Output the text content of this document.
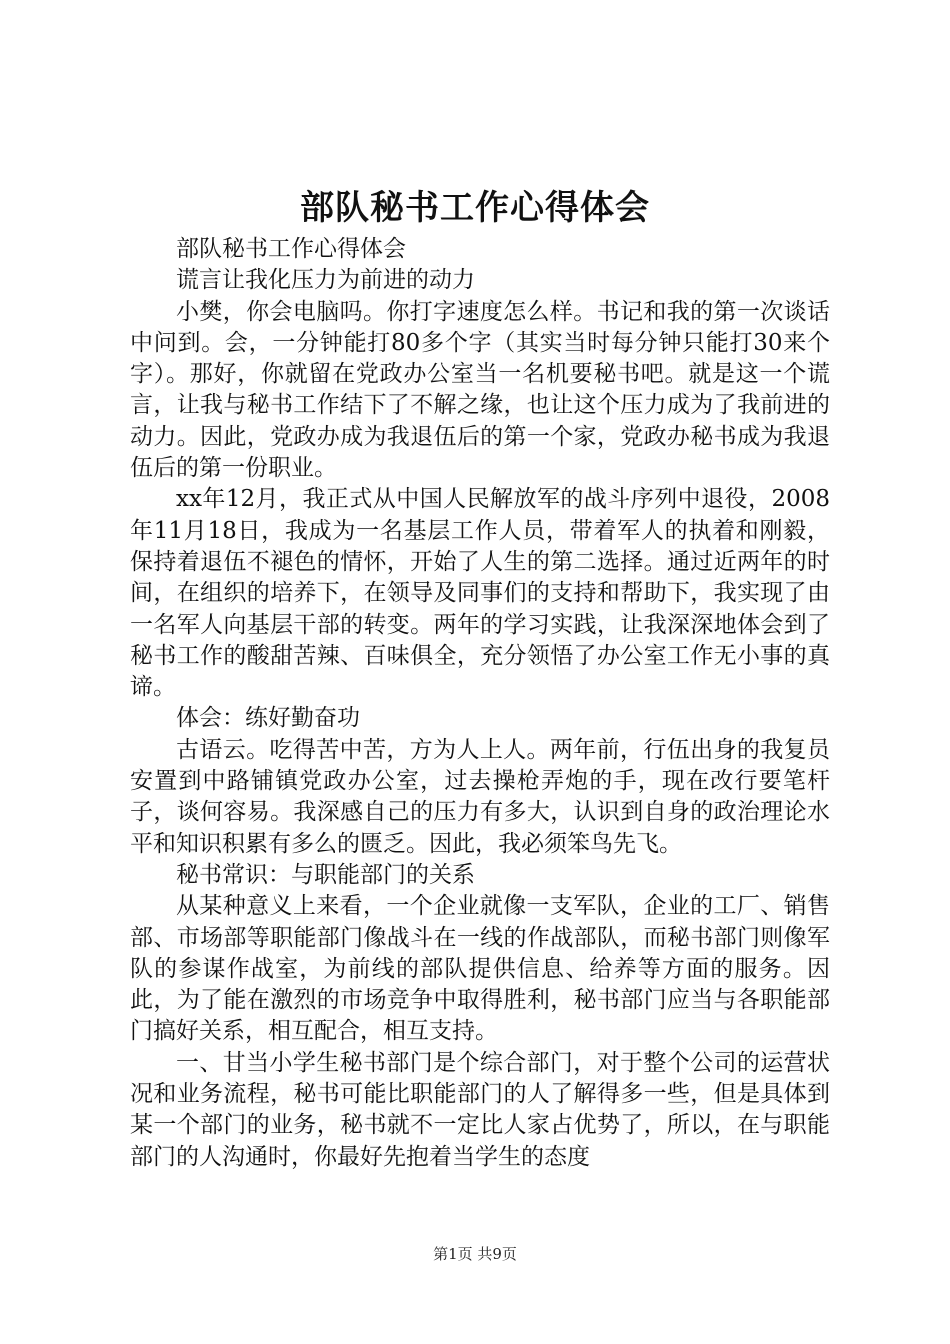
部队秘书工作心得体会

部队秘书工作心得体会

谎言让我化压力为前进的动力

小樊，你会电脑吗。你打字速度怎么样。书记和我的第一次谈话中问到。会，一分钟能打80多个字（其实当时每分钟只能打30来个字）。那好，你就留在党政办公室当一名机要秘书吧。就是这一个谎言，让我与秘书工作结下了不解之缘，也让这个压力成为了我前进的动力。因此，党政办成为我退伍后的第一个家，党政办秘书成为我退伍后的第一份职业。

xx年12月，我正式从中国人民解放军的战斗序列中退役，2008年11月18日，我成为一名基层工作人员，带着军人的执着和刚毅，保持着退伍不褪色的情怀，开始了人生的第二选择。通过近两年的时间，在组织的培养下，在领导及同事们的支持和帮助下，我实现了由一名军人向基层干部的转变。两年的学习实践，让我深深地体会到了秘书工作的酸甜苦辣、百味俱全，充分领悟了办公室工作无小事的真谛。

体会：练好勤奋功

古语云。吃得苦中苦，方为人上人。两年前，行伍出身的我复员安置到中路铺镇党政办公室，过去操枪弄炮的手，现在改行要笔杆子，谈何容易。我深感自己的压力有多大，认识到自身的政治理论水平和知识积累有多么的匮乏。因此，我必须笨鸟先飞。

秘书常识：与职能部门的关系

从某种意义上来看，一个企业就像一支军队，企业的工厂、销售部、市场部等职能部门像战斗在一线的作战部队，而秘书部门则像军队的参谋作战室，为前线的部队提供信息、给养等方面的服务。因此，为了能在激烈的市场竞争中取得胜利，秘书部门应当与各职能部门搞好关系，相互配合，相互支持。

一、甘当小学生秘书部门是个综合部门，对于整个公司的运营状况和业务流程，秘书可能比职能部门的人了解得多一些，但是具体到某一个部门的业务，秘书就不一定比人家占优势了，所以，在与职能部门的人沟通时，你最好先抱着当学生的态度

第1页 共9页
